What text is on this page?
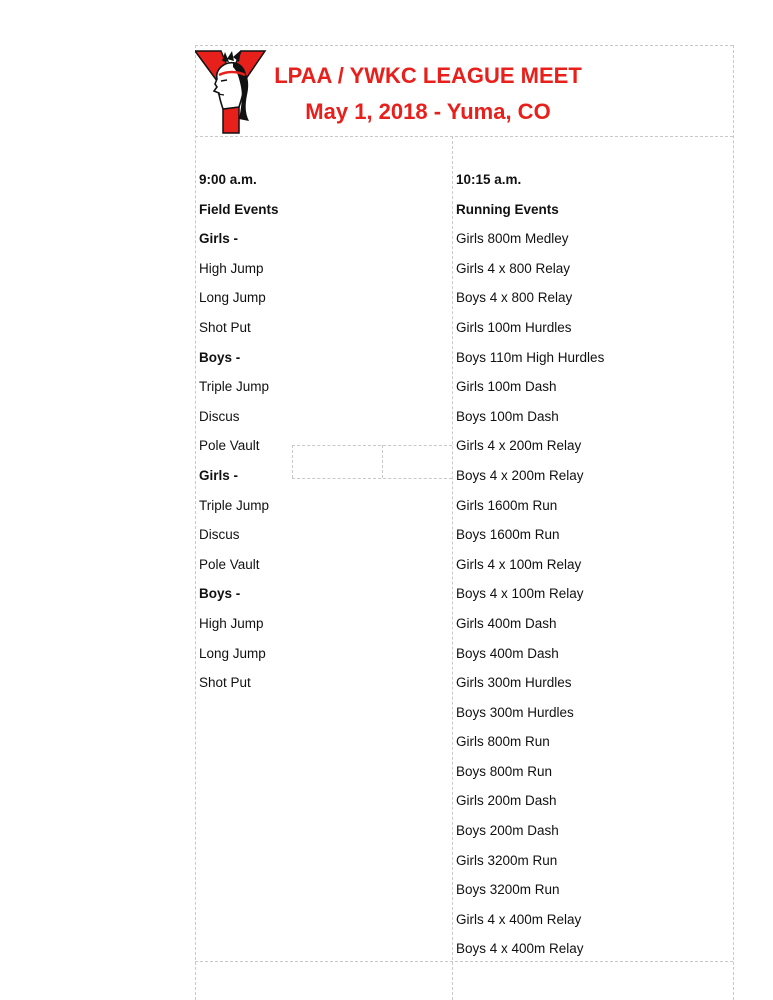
LPAA / YWKC LEAGUE MEET
May 1, 2018 - Yuma, CO
9:00 a.m.
Field Events
Girls -
High Jump
Long Jump
Shot Put
Boys -
Triple Jump
Discus
Pole Vault
Girls -
Triple Jump
Discus
Pole Vault
Boys -
High Jump
Long Jump
Shot Put
10:15 a.m.
Running Events
Girls 800m Medley
Girls 4 x 800 Relay
Boys 4 x 800 Relay
Girls 100m Hurdles
Boys 110m High Hurdles
Girls 100m Dash
Boys 100m Dash
Girls 4 x 200m Relay
Boys 4 x 200m Relay
Girls 1600m Run
Boys 1600m Run
Girls 4 x 100m Relay
Boys 4 x 100m Relay
Girls 400m Dash
Boys 400m Dash
Girls 300m Hurdles
Boys 300m Hurdles
Girls 800m Run
Boys 800m Run
Girls 200m Dash
Boys 200m Dash
Girls 3200m Run
Boys 3200m Run
Girls 4 x 400m Relay
Boys 4 x 400m Relay
